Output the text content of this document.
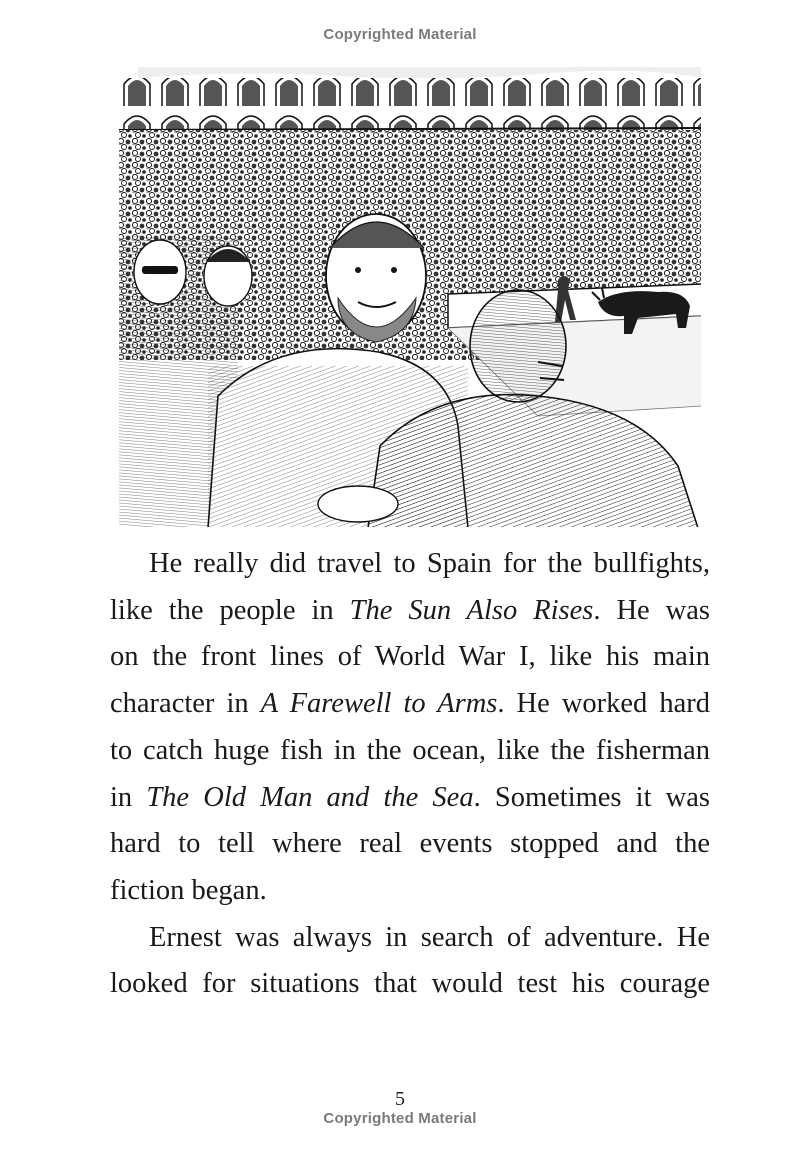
Copyrighted Material

He really did travel to Spain for the bullfights,
like the people in The Sun Also Rises. He was
on the front lines of World War I, like his main
character in A Farewell to Arms. He worked hard
to catch huge fish in the ocean, like the fisherman
in The Old Man and the Sea. Sometimes it was
hard to tell where real events stopped and the
fiction began.

Ernest was always in search of adventure. He
looked for situations that would test his courage

5
Copyrighted Material
